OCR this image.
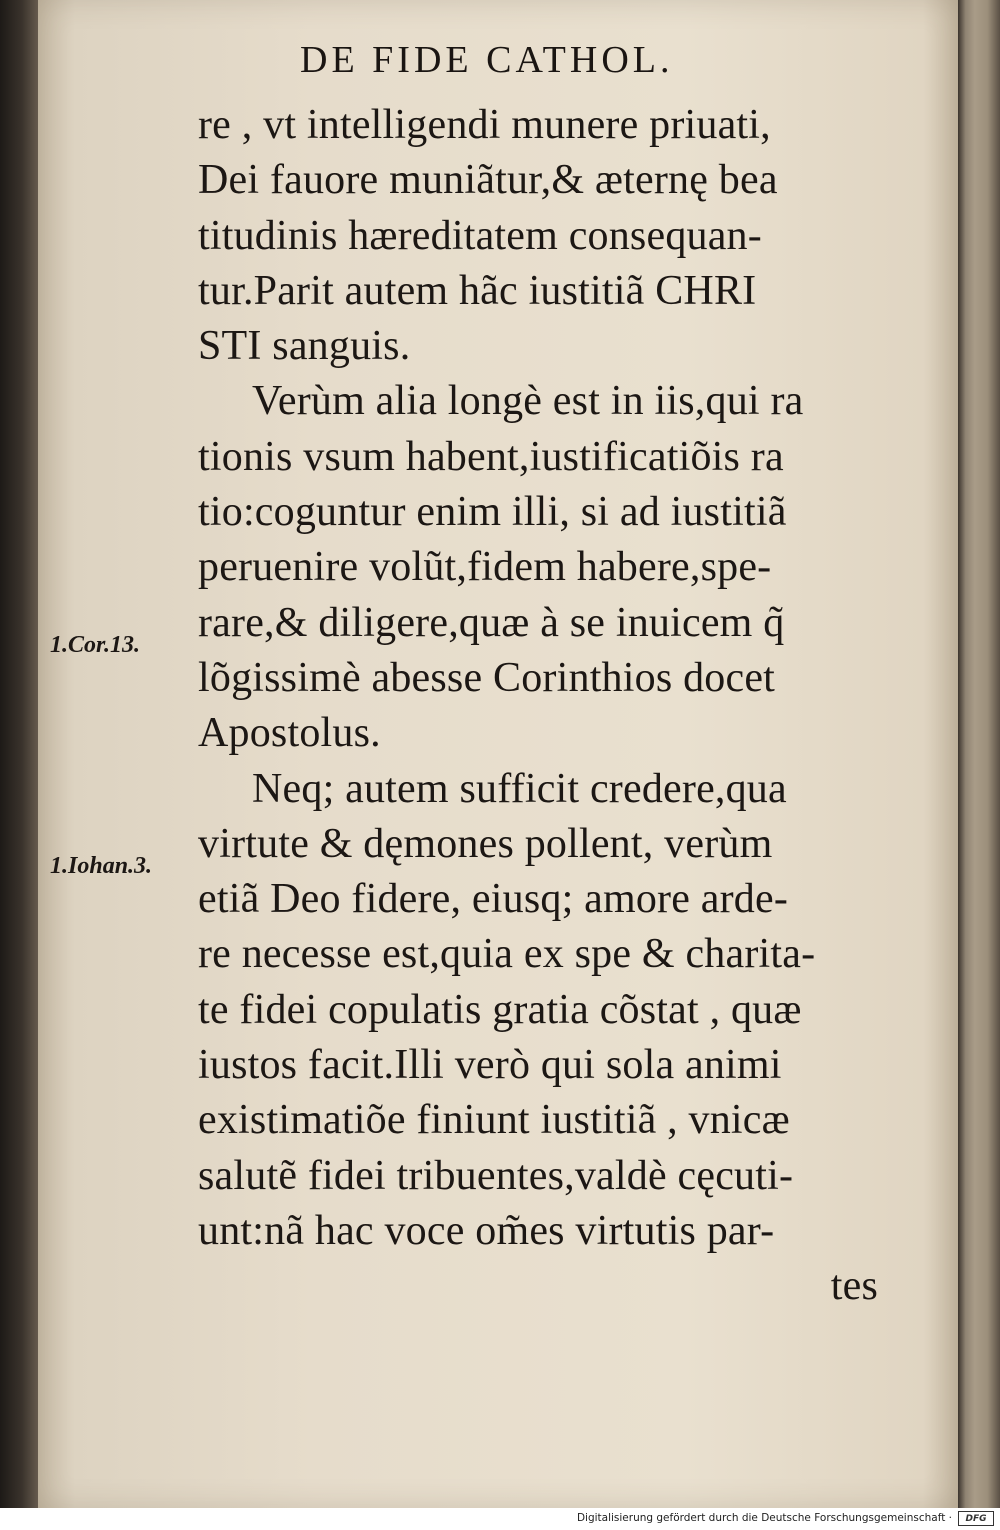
DE FIDE CATHOL.
re , vt intelligendi munere priuati,
Dei fauore muniãtur,& æternę bea
titudinis hæreditatem consequan-
tur.Parit autem hãc iustitiã CHRI
STI sanguis.
Verùm alia longè est in iis,qui ra
tionis vsum habent,iustificatiõis ra
tio:coguntur enim illi, si ad iustitiã
peruenire volũt,fidem habere,spe-
rare,& diligere,quæ à se inuicem q̃
lõgissimè abesse Corinthios docet
Apostolus.
Neq; autem sufficit credere,qua
virtute & dęmones pollent, verùm
etiã Deo fidere, eiusq; amore arde-
re necesse est,quia ex spe & charita-
te fidei copulatis gratia cõstat , quæ
iustos facit.Illi verò qui sola animi
existimatiõe finiunt iustitiã , vnicæ
salutẽ fidei tribuentes,valdè cęcuti-
unt:nã hac voce om̃es virtutis par-
tes
1.Cor.13.
1.Iohan.3.
Digitalisierung gefördert durch die Deutsche Forschungsgemeinschaft ·	DFG
